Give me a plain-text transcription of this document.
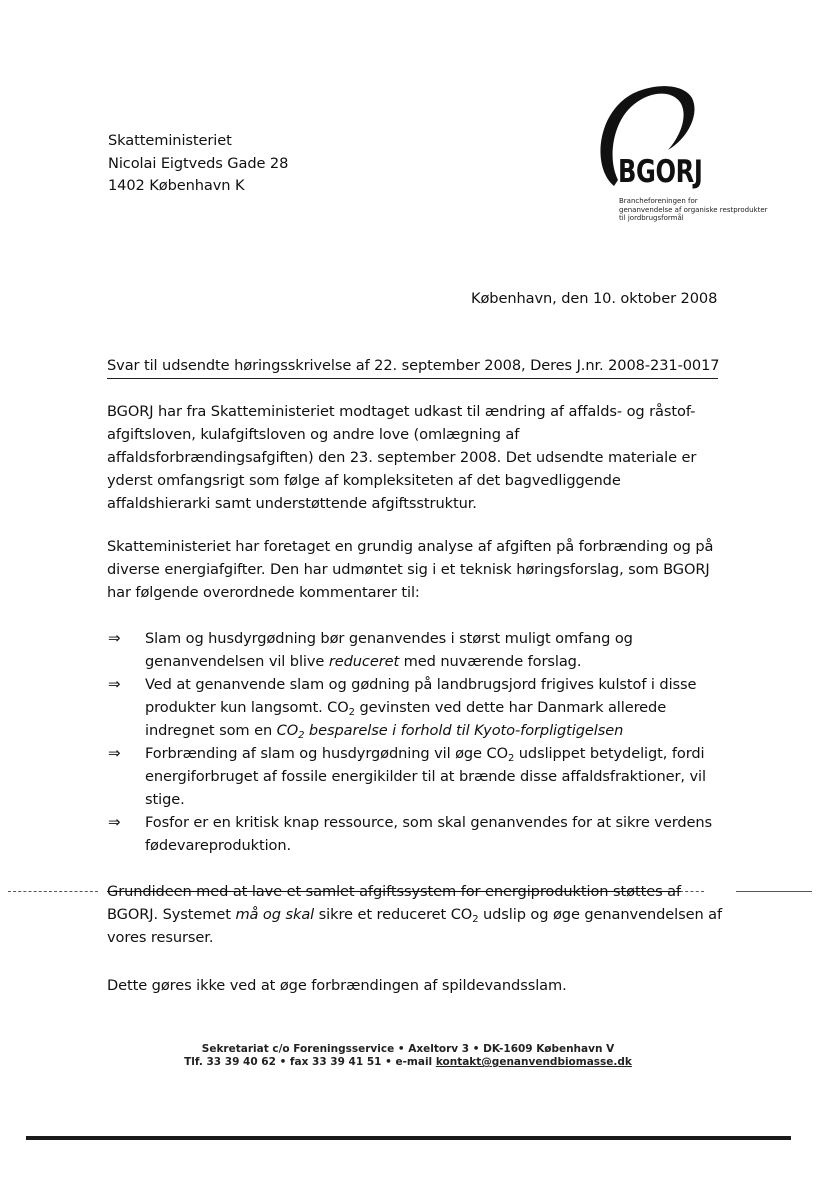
Skatteministeriet
Nicolai Eigtveds Gade 28
1402 København K	BGORJ
Brancheforeningen for
genanvendelse af organiske restprodukter
til jordbrugsformål
København, den 10. oktober 2008
Svar til udsendte høringsskrivelse af 22. september 2008, Deres J.nr. 2008-231-0017
BGORJ har fra Skatteministeriet modtaget udkast til ændring af affalds- og råstof-afgiftsloven, kulafgiftsloven og andre love (omlægning af affaldsforbrændingsafgiften) den 23. september 2008. Det udsendte materiale er yderst omfangsrigt som følge af kompleksiteten af det bagvedliggende affaldshierarki samt understøttende afgiftsstruktur.
Skatteministeriet har foretaget en grundig analyse af afgiften på forbrænding og på diverse energiafgifter. Den har udmøntet sig i et teknisk høringsforslag, som BGORJ har følgende overordnede kommentarer til:
⇒ Slam og husdyrgødning bør genanvendes i størst muligt omfang og genanvendelsen vil blive reduceret med nuværende forslag.
⇒ Ved at genanvende slam og gødning på landbrugsjord frigives kulstof i disse produkter kun langsomt. $CO_2$ gevinsten ved dette har Danmark allerede indregnet som en $CO_2$ besparelse i forhold til Kyoto-forpligtigelsen
⇒ Forbrænding af slam og husdyrgødning vil øge $CO_2$ udslippet betydeligt, fordi energiforbruget af fossile energikilder til at brænde disse affaldsfraktioner, vil stige.
⇒ Fosfor er en kritisk knap ressource, som skal genanvendes for at sikre verdens fødevareproduktion.
Grundideen med at lave et samlet afgiftssystem for energiproduktion støttes af
BGORJ. Systemet må og skal sikre et reduceret $CO_2$ udslip og øge genanvendelsen af vores resurser.
Dette gøres ikke ved at øge forbrændingen af spildevandsslam.
Sekretariat c/o Foreningsservice • Axeltorv 3 • DK-1609 København V
Tlf. 33 39 40 62 • fax 33 39 41 51 • e-mail kontakt@genanvendbiomasse.dk
